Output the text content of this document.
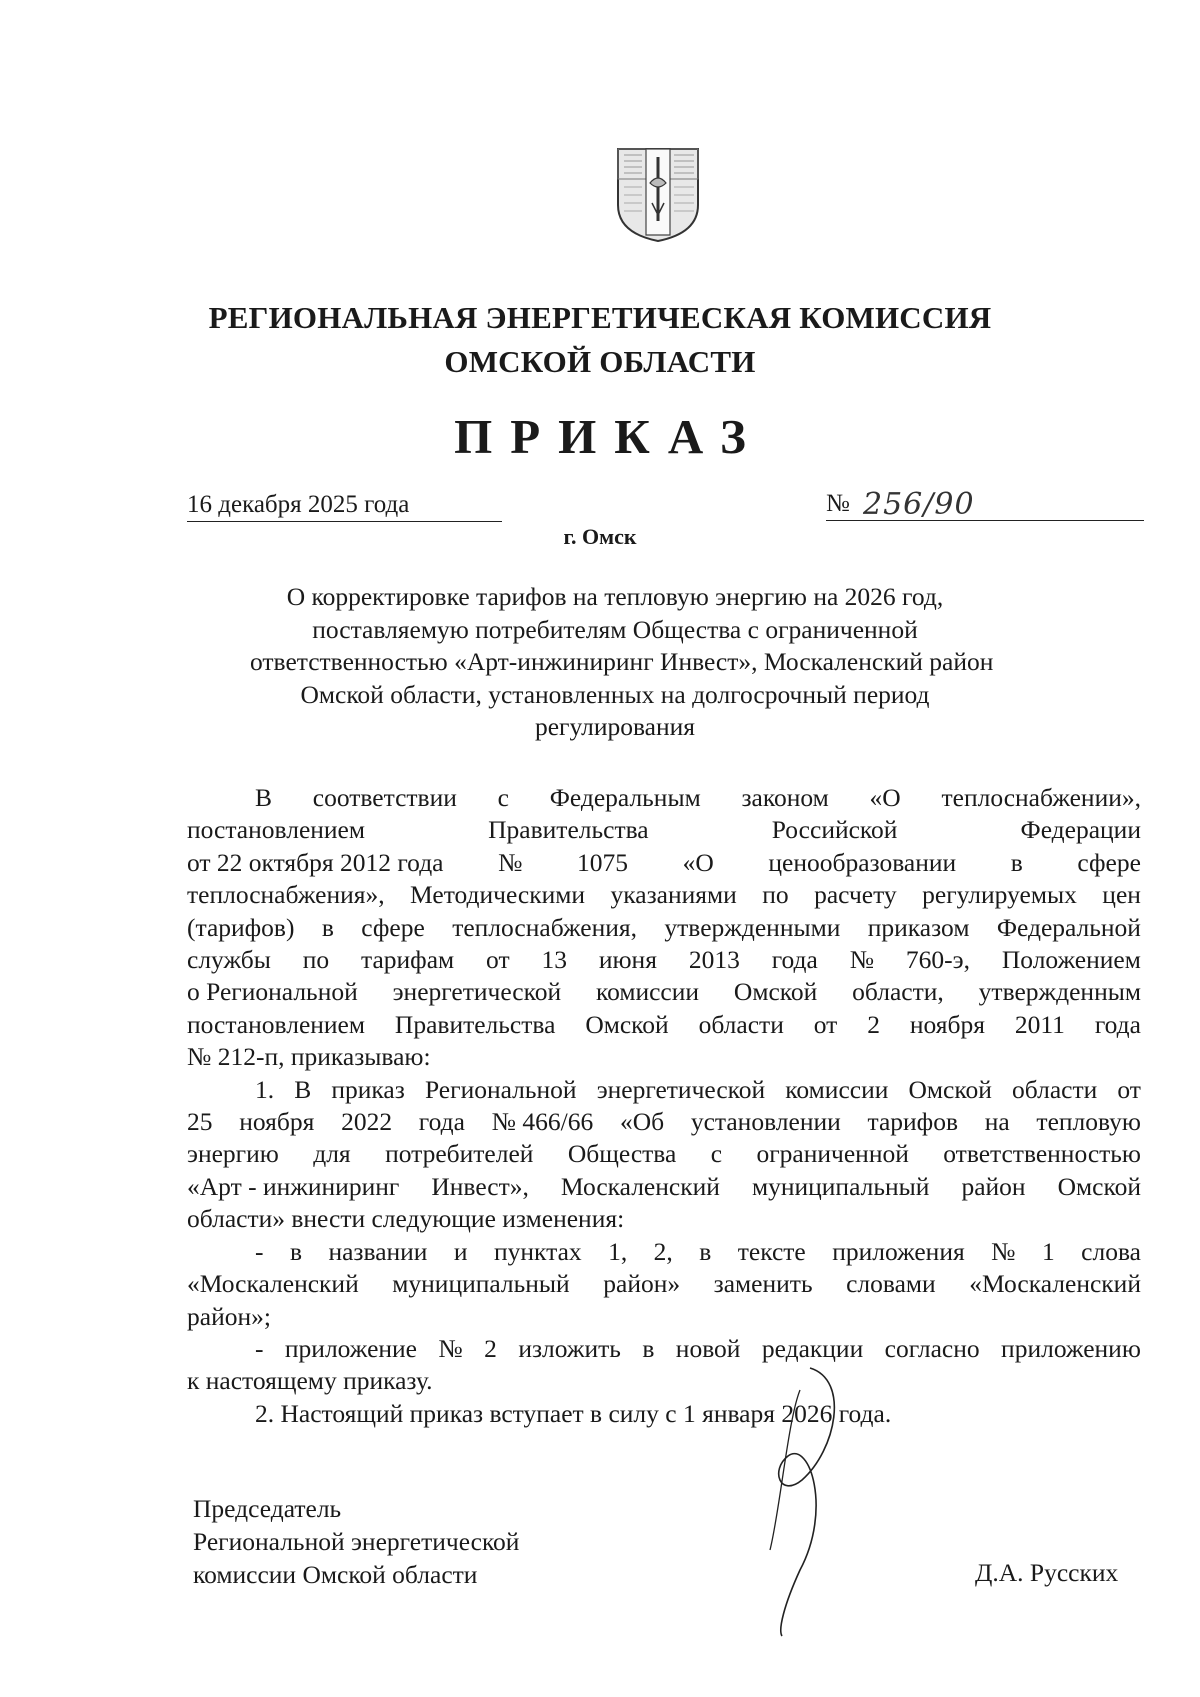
РЕГИОНАЛЬНАЯ ЭНЕРГЕТИЧЕСКАЯ КОМИССИЯ
ОМСКОЙ ОБЛАСТИ
ПРИКАЗ
16 декабря 2025 года	№ 256/90
г. Омск
О корректировке тарифов на тепловую энергию на 2026 год,
поставляемую потребителям Общества с ограниченной
ответственностью «Арт-инжиниринг Инвест», Москаленский район
Омской области, установленных на долгосрочный период
регулирования
В соответствии с Федеральным законом «О теплоснабжении»,
постановлением	Правительства	Российской	Федерации
от 22 октября 2012 года № 1075 «О ценообразовании в сфере
теплоснабжения», Методическими указаниями по расчету регулируемых цен
(тарифов) в сфере теплоснабжения, утвержденными приказом Федеральной
службы по тарифам от 13 июня 2013 года № 760-э, Положением
о Региональной энергетической комиссии Омской области, утвержденным
постановлением Правительства Омской области от 2 ноября 2011 года
№ 212-п, приказываю:
1. В приказ Региональной энергетической комиссии Омской области от
25 ноября 2022 года № 466/66 «Об установлении тарифов на тепловую
энергию для потребителей Общества с ограниченной ответственностью
«Арт - инжиниринг Инвест», Москаленский муниципальный район Омской
области» внести следующие изменения:
- в названии и пунктах 1, 2, в тексте приложения № 1 слова
«Москаленский муниципальный район» заменить словами «Москаленский
район»;
- приложение № 2 изложить в новой редакции согласно приложению
к настоящему приказу.
2. Настоящий приказ вступает в силу с 1 января 2026 года.
Председатель
Региональной энергетической
комиссии Омской области	Д.А. Русских
